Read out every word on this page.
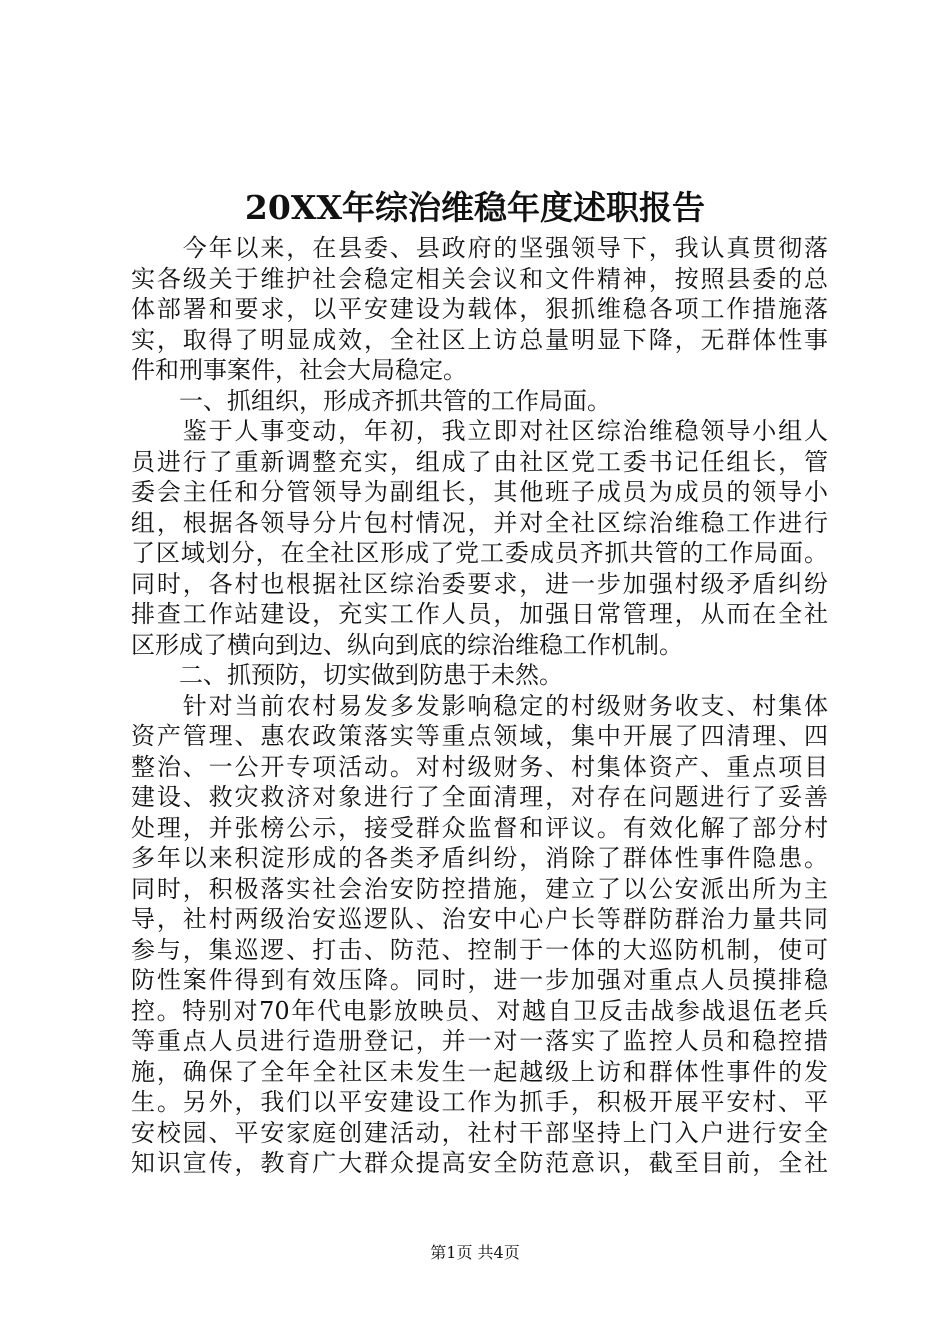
20XX年综治维稳年度述职报告
　　今年以来，在县委、县政府的坚强领导下，我认真贯彻落
实各级关于维护社会稳定相关会议和文件精神，按照县委的总
体部署和要求，以平安建设为载体，狠抓维稳各项工作措施落
实，取得了明显成效，全社区上访总量明显下降，无群体性事
件和刑事案件，社会大局稳定。
　　一、抓组织，形成齐抓共管的工作局面。
　　鉴于人事变动，年初，我立即对社区综治维稳领导小组人
员进行了重新调整充实，组成了由社区党工委书记任组长，管
委会主任和分管领导为副组长，其他班子成员为成员的领导小
组，根据各领导分片包村情况，并对全社区综治维稳工作进行
了区域划分，在全社区形成了党工委成员齐抓共管的工作局面。
同时，各村也根据社区综治委要求，进一步加强村级矛盾纠纷
排查工作站建设，充实工作人员，加强日常管理，从而在全社
区形成了横向到边、纵向到底的综治维稳工作机制。
　　二、抓预防，切实做到防患于未然。
　　针对当前农村易发多发影响稳定的村级财务收支、村集体
资产管理、惠农政策落实等重点领域，集中开展了四清理、四
整治、一公开专项活动。对村级财务、村集体资产、重点项目
建设、救灾救济对象进行了全面清理，对存在问题进行了妥善
处理，并张榜公示，接受群众监督和评议。有效化解了部分村
多年以来积淀形成的各类矛盾纠纷，消除了群体性事件隐患。
同时，积极落实社会治安防控措施，建立了以公安派出所为主
导，社村两级治安巡逻队、治安中心户长等群防群治力量共同
参与，集巡逻、打击、防范、控制于一体的大巡防机制，使可
防性案件得到有效压降。同时，进一步加强对重点人员摸排稳
控。特别对70年代电影放映员、对越自卫反击战参战退伍老兵
等重点人员进行造册登记，并一对一落实了监控人员和稳控措
施，确保了全年全社区未发生一起越级上访和群体性事件的发
生。另外，我们以平安建设工作为抓手，积极开展平安村、平
安校园、平安家庭创建活动，社村干部坚持上门入户进行安全
知识宣传，教育广大群众提高安全防范意识，截至目前，全社
第1页 共4页
